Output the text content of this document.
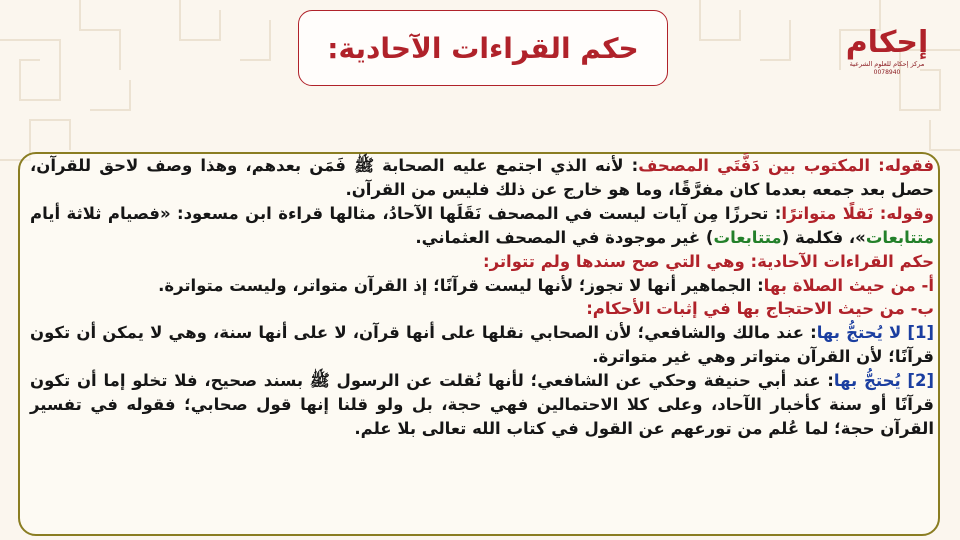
حكم القراءات الآحادية:	إحكام
مركز إحكام للعلوم الشرعية
0078940

فقوله: المكتوب بين دَفَّتَي المصحف: لأنه الذي اجتمع عليه الصحابة ﷺ فَمَن بعدهم، وهذا وصف لاحق للقرآن، حصل بعد جمعه بعدما كان مفرَّقًا، وما هو خارج عن ذلك فليس من القرآن.

وقوله: نَقلًا متواترًا: تحرزًا مِن آيات ليست في المصحف نَقَلَها الآحادُ، مثالها قراءة ابن مسعود: «فصيام ثلاثة أيام متتابعات»، فكلمة (متتابعات) غير موجودة في المصحف العثماني.

حكم القراءات الآحادية: وهي التي صح سندها ولم تتواتر:

أ- من حيث الصلاة بها: الجماهير أنها لا تجوز؛ لأنها ليست قرآنًا؛ إذ القرآن متواتر، وليست متواترة.

ب- من حيث الاحتجاج بها في إثبات الأحكام:

[1] لا يُحتجُّ بها: عند مالك والشافعي؛ لأن الصحابي نقلها على أنها قرآن، لا على أنها سنة، وهي لا يمكن أن تكون قرآنًا؛ لأن القرآن متواتر وهي غير متواترة.

[2] يُحتجُّ بها: عند أبي حنيفة وحكي عن الشافعي؛ لأنها نُقلت عن الرسول ﷺ بسند صحيح، فلا تخلو إما أن تكون قرآنًا أو سنة كأخبار الآحاد، وعلى كلا الاحتمالين فهي حجة، بل ولو قلنا إنها قول صحابي؛ فقوله في تفسير القرآن حجة؛ لما عُلم من تورعهم عن القول في كتاب الله تعالى بلا علم.
